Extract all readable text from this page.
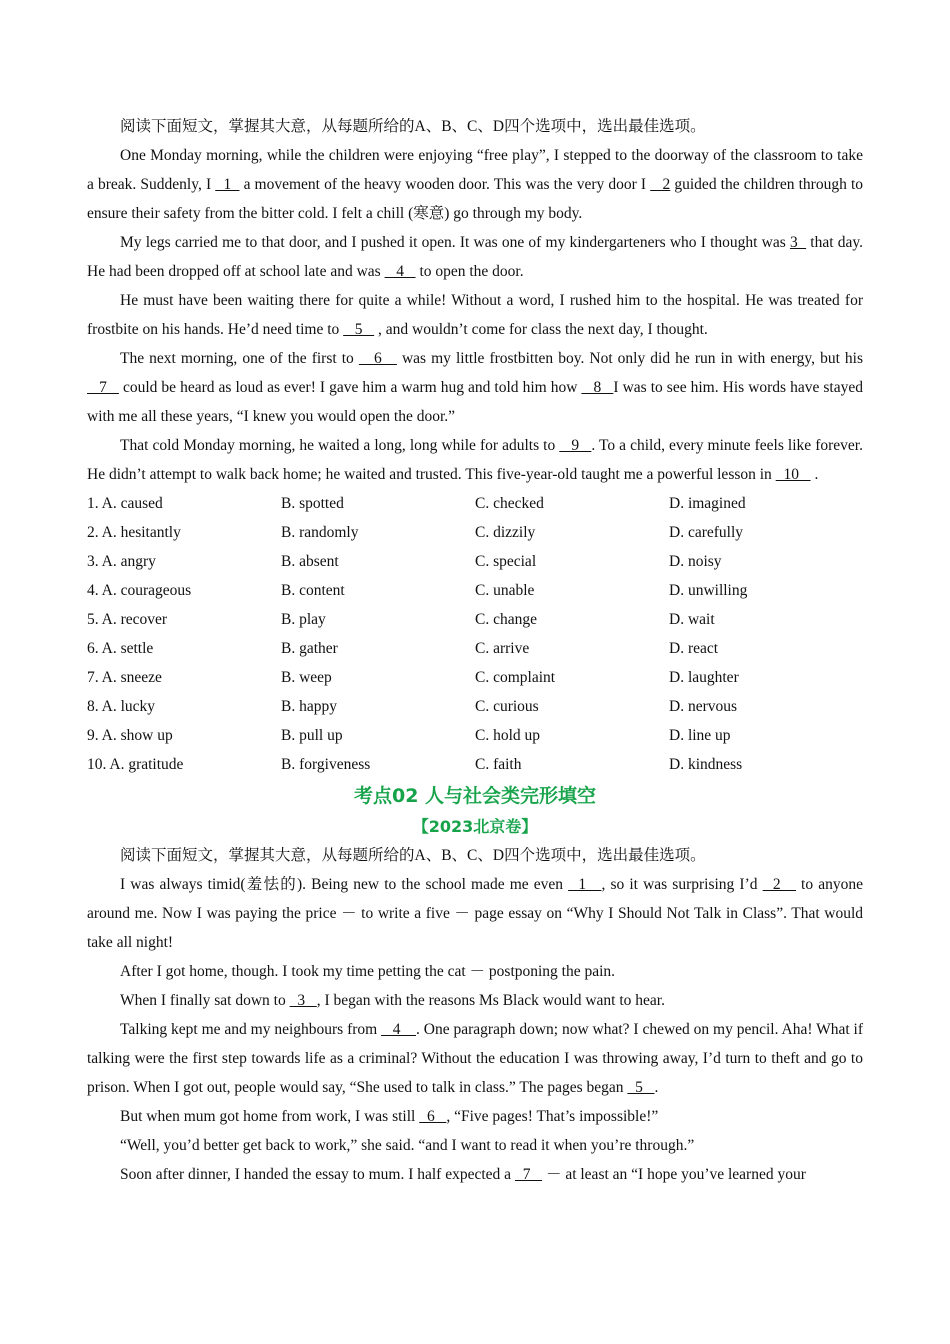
阅读下面短文，掌握其大意，从每题所给的A、B、C、D四个选项中，选出最佳选项。

One Monday morning, while the children were enjoying “free play”, I stepped to the doorway of the classroom to take a break. Suddenly, I   1   a movement of the heavy wooden door. This was the very door I    2 guided the children through to ensure their safety from the bitter cold. I felt a chill (寒意) go through my body.

My legs carried me to that door, and I pushed it open. It was one of my kindergarteners who I thought was 3   that day. He had been dropped off at school late and was    4    to open the door.

He must have been waiting there for quite a while! Without a word, I rushed him to the hospital. He was treated for frostbite on his hands. He’d need time to    5    , and wouldn’t come for class the next day, I thought.

The next morning, one of the first to    6    was my little frostbitten boy. Not only did he run in with energy, but his    7    could be heard as loud as ever! I gave him a warm hug and told him how    8   I was to see him. His words have stayed with me all these years, “I knew you would open the door.”

That cold Monday morning, he waited a long, long while for adults to    9   . To a child, every minute feels like forever. He didn’t attempt to walk back home; he waited and trusted. This five-year-old taught me a powerful lesson in   10    .

1. A. caused	B. spotted	C. checked	D. imagined
2. A. hesitantly	B. randomly	C. dizzily	D. carefully
3. A. angry	B. absent	C. special	D. noisy
4. A. courageous	B. content	C. unable	D. unwilling
5. A. recover	B. play	C. change	D. wait
6. A. settle	B. gather	C. arrive	D. react
7. A. sneeze	B. weep	C. complaint	D. laughter
8. A. lucky	B. happy	C. curious	D. nervous
9. A. show up	B. pull up	C. hold up	D. line up
10. A. gratitude	B. forgiveness	C. faith	D. kindness

考点02 人与社会类完形填空

【2023北京卷】

阅读下面短文，掌握其大意，从每题所给的A、B、C、D四个选项中，选出最佳选项。

I was always timid(羞怯的). Being new to the school made me even   1   , so it was surprising I’d   2    to anyone around me. Now I was paying the price － to write a five － page essay on “Why I Should Not Talk in Class”. That would take all night!

After I got home, though. I took my time petting the cat － postponing the pain.

When I finally sat down to   3   , I began with the reasons Ms Black would want to hear.

Talking kept me and my neighbours from    4    . One paragraph down; now what? I chewed on my pencil. Aha! What if talking were the first step towards life as a criminal? Without the education I was throwing away, I’d turn to theft and go to prison. When I got out, people would say, “She used to talk in class.” The pages began   5   .

But when mum got home from work, I was still   6   , “Five pages! That’s impossible!”

“Well, you’d better get back to work,” she said. “and I want to read it when you’re through.”

Soon after dinner, I handed the essay to mum. I half expected a   7    － at least an “I hope you’ve learned your
